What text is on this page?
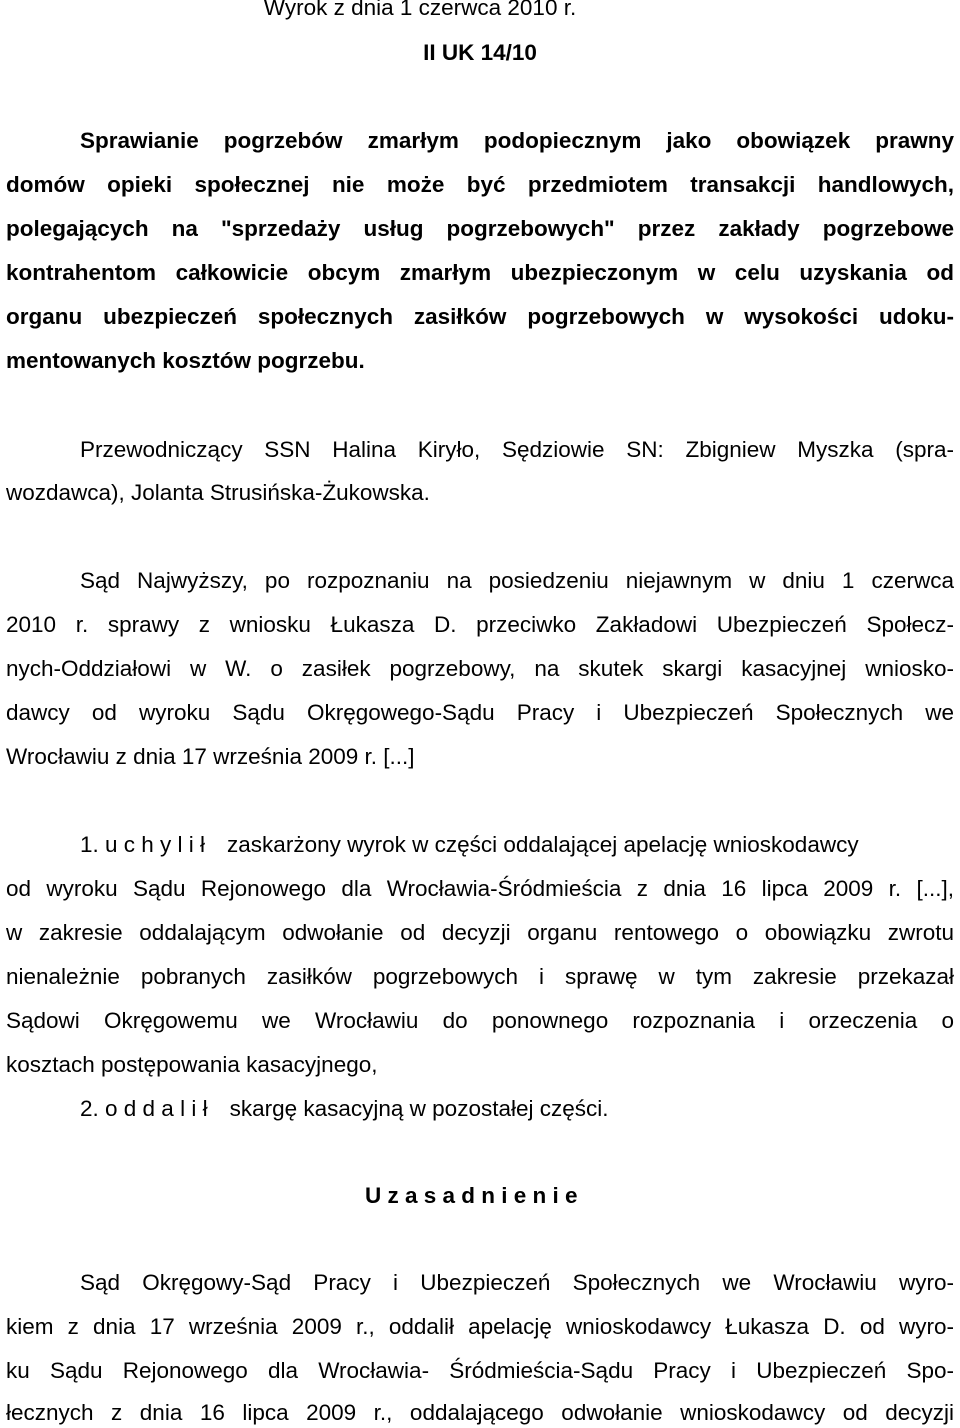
Wyrok z dnia 1 czerwca 2010 r.
II UK 14/10
Sprawianie pogrzebów zmarłym podopiecznym jako obowiązek prawny
domów opieki społecznej nie może być przedmiotem transakcji handlowych,
polegających na "sprzedaży usług pogrzebowych" przez zakłady pogrzebowe
kontrahentom całkowicie obcym zmarłym ubezpieczonym w celu uzyskania od
organu ubezpieczeń społecznych zasiłków pogrzebowych w wysokości udoku-
mentowanych kosztów pogrzebu.
Przewodniczący SSN Halina Kiryło, Sędziowie SN: Zbigniew Myszka (spra-
wozdawca), Jolanta Strusińska-Żukowska.
Sąd Najwyższy, po rozpoznaniu na posiedzeniu niejawnym w dniu 1 czerwca
2010 r. sprawy z wniosku Łukasza D. przeciwko Zakładowi Ubezpieczeń Społecz-
nych-Oddziałowi w W. o zasiłek pogrzebowy, na skutek skargi kasacyjnej wniosko-
dawcy od wyroku Sądu Okręgowego-Sądu Pracy i Ubezpieczeń Społecznych we
Wrocławiu z dnia 17 września 2009 r. [...]
1. u c h y l i ł zaskarżony wyrok w części oddalającej apelację wnioskodawcy
od wyroku Sądu Rejonowego dla Wrocławia-Śródmieścia z dnia 16 lipca 2009 r. [...],
w zakresie oddalającym odwołanie od decyzji organu rentowego o obowiązku zwrotu
nienależnie pobranych zasiłków pogrzebowych i sprawę w tym zakresie przekazał
Sądowi Okręgowemu we Wrocławiu do ponownego rozpoznania i orzeczenia o
kosztach postępowania kasacyjnego,
2. o d d a l i ł skargę kasacyjną w pozostałej części.
U z a s a d n i e n i e
Sąd Okręgowy-Sąd Pracy i Ubezpieczeń Społecznych we Wrocławiu wyro-
kiem z dnia 17 września 2009 r., oddalił apelację wnioskodawcy Łukasza D. od wyro-
ku Sądu Rejonowego dla Wrocławia- Śródmieścia-Sądu Pracy i Ubezpieczeń Spo-
łecznych z dnia 16 lipca 2009 r., oddalającego odwołanie wnioskodawcy od decyzji
